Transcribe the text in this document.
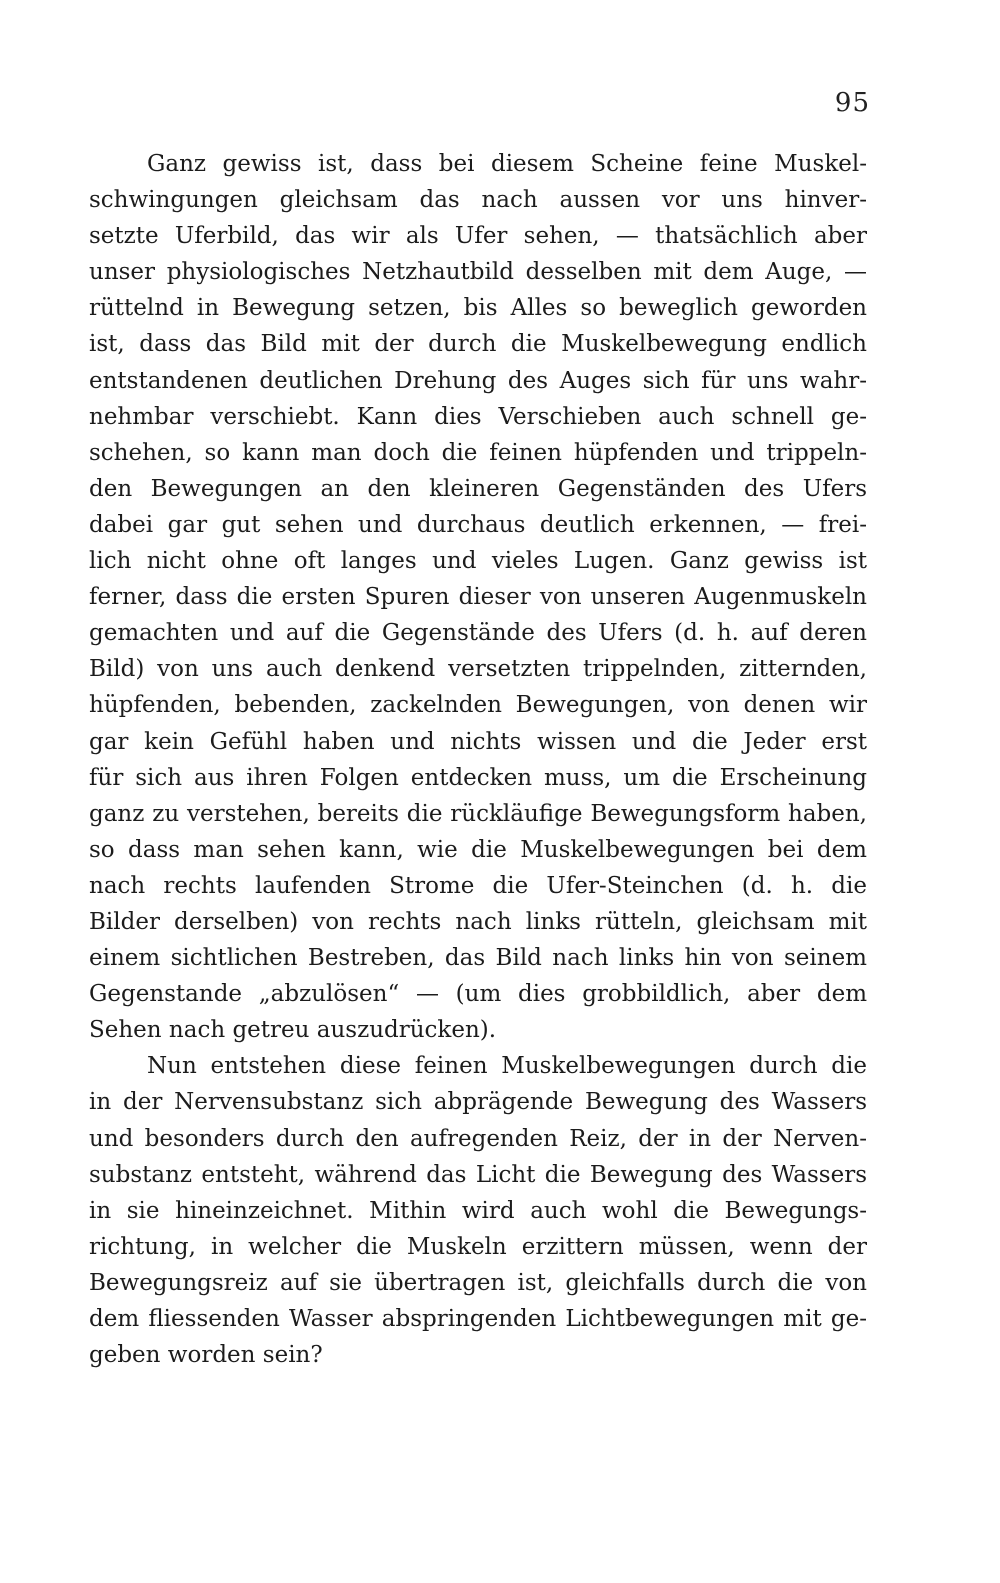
95
Ganz gewiss ist, dass bei diesem Scheine feine Muskel-
schwingungen gleichsam das nach aussen vor uns hinver-
setzte Uferbild, das wir als Ufer sehen, — thatsächlich aber
unser physiologisches Netzhautbild desselben mit dem Auge, —
rüttelnd in Bewegung setzen, bis Alles so beweglich geworden
ist, dass das Bild mit der durch die Muskelbewegung endlich
entstandenen deutlichen Drehung des Auges sich für uns wahr-
nehmbar verschiebt. Kann dies Verschieben auch schnell ge-
schehen, so kann man doch die feinen hüpfenden und trippeln-
den Bewegungen an den kleineren Gegenständen des Ufers
dabei gar gut sehen und durchaus deutlich erkennen, — frei-
lich nicht ohne oft langes und vieles Lugen. Ganz gewiss ist
ferner, dass die ersten Spuren dieser von unseren Augenmuskeln
gemachten und auf die Gegenstände des Ufers (d. h. auf deren
Bild) von uns auch denkend versetzten trippelnden, zitternden,
hüpfenden, bebenden, zackelnden Bewegungen, von denen wir
gar kein Gefühl haben und nichts wissen und die Jeder erst
für sich aus ihren Folgen entdecken muss, um die Erscheinung
ganz zu verstehen, bereits die rückläufige Bewegungsform haben,
so dass man sehen kann, wie die Muskelbewegungen bei dem
nach rechts laufenden Strome die Ufer-Steinchen (d. h. die
Bilder derselben) von rechts nach links rütteln, gleichsam mit
einem sichtlichen Bestreben, das Bild nach links hin von seinem
Gegenstande „abzulösen“ — (um dies grobbildlich, aber dem
Sehen nach getreu auszudrücken).
Nun entstehen diese feinen Muskelbewegungen durch die
in der Nervensubstanz sich abprägende Bewegung des Wassers
und besonders durch den aufregenden Reiz, der in der Nerven-
substanz entsteht, während das Licht die Bewegung des Wassers
in sie hineinzeichnet. Mithin wird auch wohl die Bewegungs-
richtung, in welcher die Muskeln erzittern müssen, wenn der
Bewegungsreiz auf sie übertragen ist, gleichfalls durch die von
dem fliessenden Wasser abspringenden Lichtbewegungen mit ge-
geben worden sein?
